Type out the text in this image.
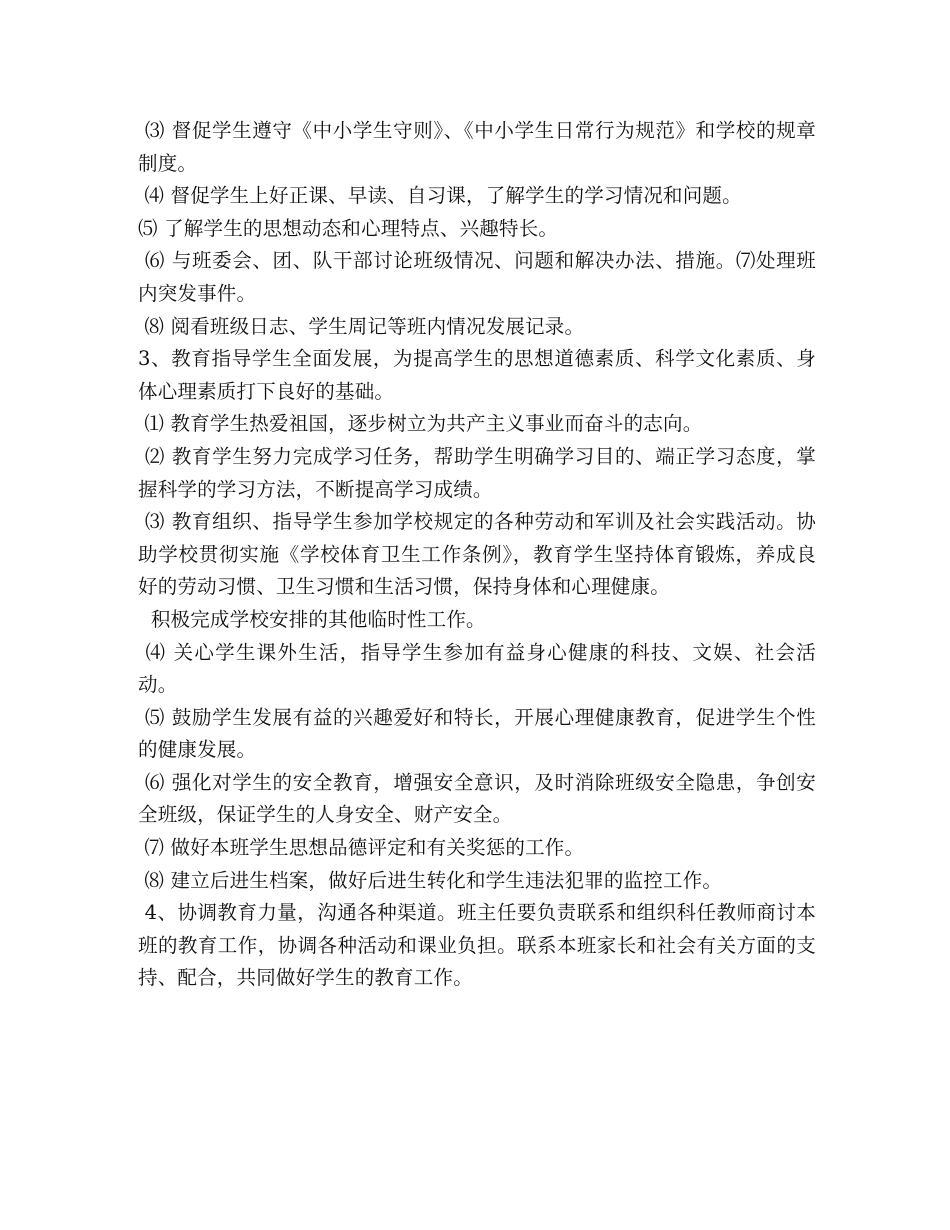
⑶ 督促学生遵守《中小学生守则》、《中小学生日常行为规范》和学校的规章制度。

⑷ 督促学生上好正课、早读、自习课，了解学生的学习情况和问题。

⑸ 了解学生的思想动态和心理特点、兴趣特长。

⑹ 与班委会、团、队干部讨论班级情况、问题和解决办法、措施。⑺处理班内突发事件。

⑻ 阅看班级日志、学生周记等班内情况发展记录。

3、教育指导学生全面发展，为提高学生的思想道德素质、科学文化素质、身体心理素质打下良好的基础。

⑴ 教育学生热爱祖国，逐步树立为共产主义事业而奋斗的志向。

⑵ 教育学生努力完成学习任务，帮助学生明确学习目的、端正学习态度，掌握科学的学习方法，不断提高学习成绩。

⑶ 教育组织、指导学生参加学校规定的各种劳动和军训及社会实践活动。协助学校贯彻实施《学校体育卫生工作条例》，教育学生坚持体育锻炼，养成良好的劳动习惯、卫生习惯和生活习惯，保持身体和心理健康。

积极完成学校安排的其他临时性工作。

⑷ 关心学生课外生活，指导学生参加有益身心健康的科技、文娱、社会活动。

⑸ 鼓励学生发展有益的兴趣爱好和特长，开展心理健康教育，促进学生个性的健康发展。

⑹ 强化对学生的安全教育，增强安全意识，及时消除班级安全隐患，争创安全班级，保证学生的人身安全、财产安全。

⑺ 做好本班学生思想品德评定和有关奖惩的工作。

⑻ 建立后进生档案，做好后进生转化和学生违法犯罪的监控工作。

4、协调教育力量，沟通各种渠道。班主任要负责联系和组织科任教师商讨本班的教育工作，协调各种活动和课业负担。联系本班家长和社会有关方面的支持、配合，共同做好学生的教育工作。
